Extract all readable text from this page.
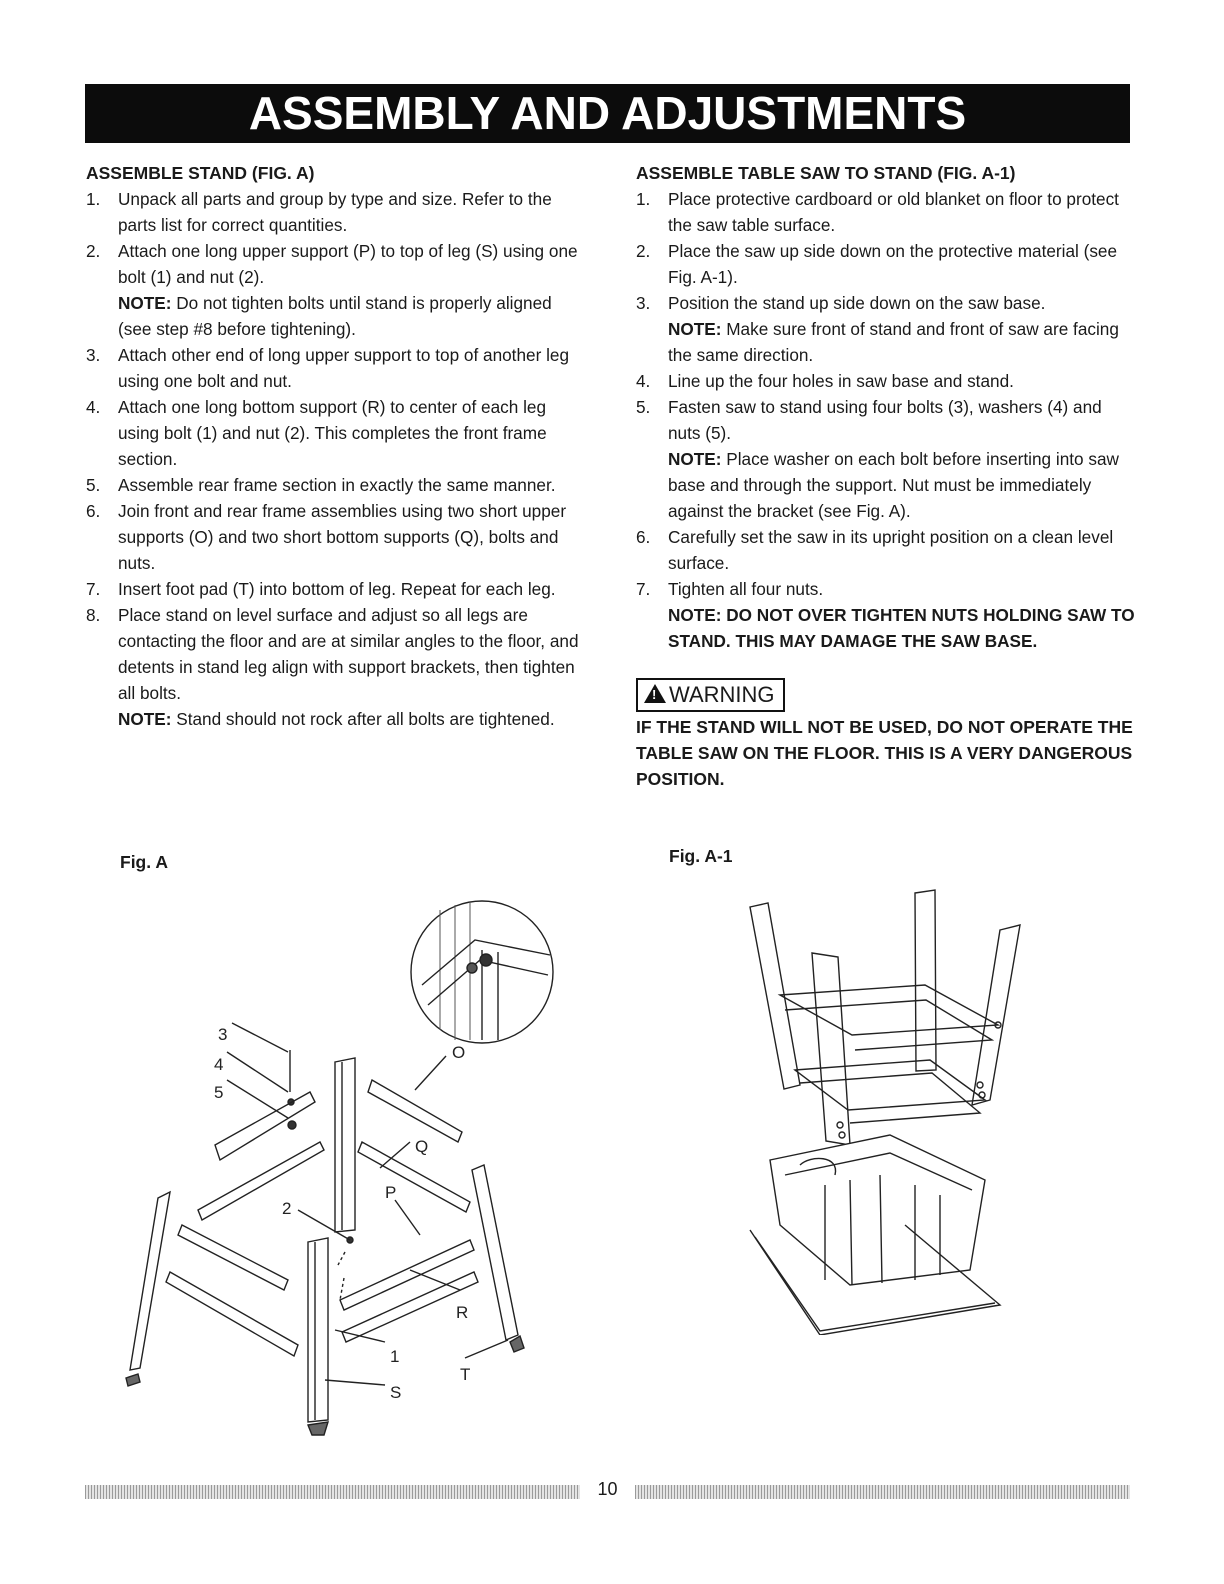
ASSEMBLY AND ADJUSTMENTS
ASSEMBLE STAND (FIG. A)
1.	Unpack all parts and group by type and size. Refer to the parts list for correct quantities.
2.	Attach one long upper support (P) to top of leg (S) using one bolt (1) and nut (2).
NOTE: Do not tighten bolts until stand is properly aligned (see step #8 before tightening).
3.	Attach other end of long upper support to top of another leg using one bolt and nut.
4.	Attach one long bottom support (R) to center of each leg using bolt (1) and nut (2). This completes the front frame section.
5.	Assemble rear frame section in exactly the same manner.
6.	Join front and rear frame assemblies using two short upper supports (O) and two short bottom supports (Q), bolts and nuts.
7.	Insert foot pad (T) into bottom of leg. Repeat for each leg.
8.	Place stand on level surface and adjust so all legs are contacting the floor and are at similar angles to the floor, and detents in stand leg align with support brackets, then tighten all bolts.
NOTE: Stand should not rock after all bolts are tightened.
ASSEMBLE TABLE SAW TO STAND (FIG. A-1)
1.	Place protective cardboard or old blanket on floor to protect the saw table surface.
2.	Place the saw up side down on the protective material (see Fig. A-1).
3.	Position the stand up side down on the saw base.
NOTE: Make sure front of stand and front of saw are facing the same direction.
4.	Line up the four holes in saw base and stand.
5.	Fasten saw to stand using four bolts (3), washers (4) and nuts (5).
NOTE: Place washer on each bolt before inserting into saw base and through the support. Nut must be immediately against the bracket (see Fig. A).
6.	Carefully set the saw in its upright position on a clean level surface.
7.	Tighten all four nuts.
NOTE: DO NOT OVER TIGHTEN NUTS HOLDING SAW TO STAND. THIS MAY DAMAGE THE SAW BASE.
! WARNING
IF THE STAND WILL NOT BE USED, DO NOT OPERATE THE TABLE SAW ON THE FLOOR. THIS IS A VERY DANGEROUS POSITION.
Fig. A	Fig. A-1
3
4
5
O
Q
P
2
R
1
T
S
10
